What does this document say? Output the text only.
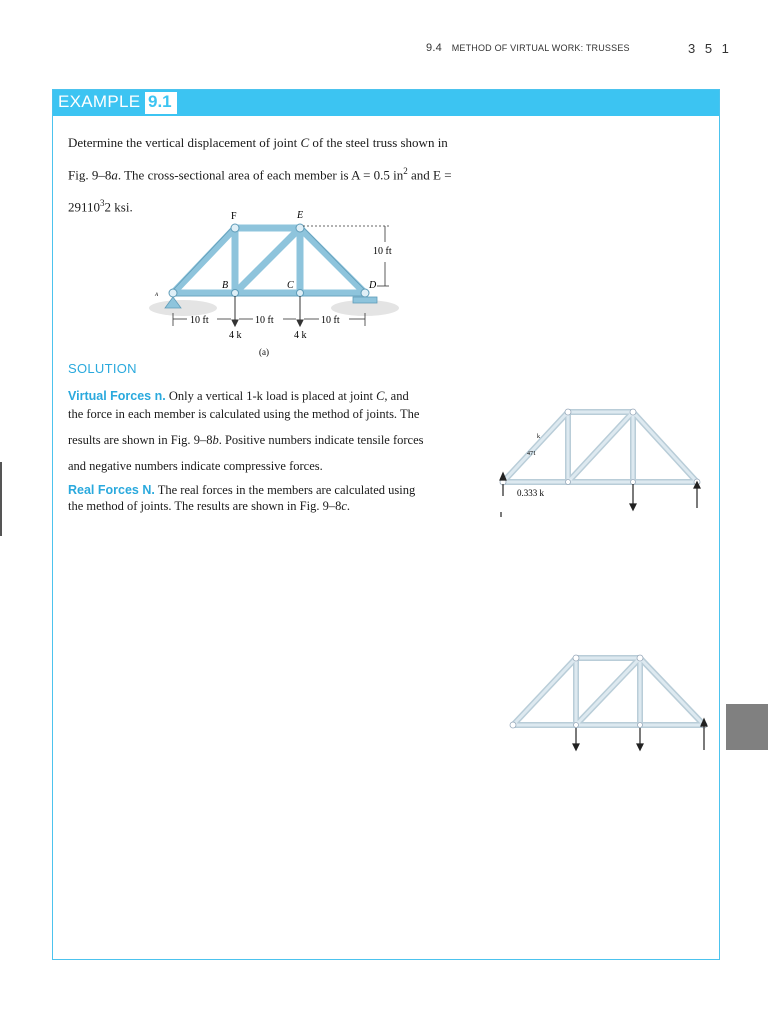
9.4 METHOD OF VIRTUAL WORK: TRUSSES	3 5 1
EXAMPLE 9.1
Determine the vertical displacement of joint C of the steel truss shown in
Fig. 9–8a. The cross-sectional area of each member is A = 0.5 $in^2$ and E =
$29110^32$ ksi.
F	E
B	C	D
A
10 ft
10 ft	10 ft	10 ft
4 k	4 k
(a)
SOLUTION
Virtual Forces n. Only a vertical 1-k load is placed at joint C, and
the force in each member is calculated using the method of joints. The
results are shown in Fig. 9–8b. Positive numbers indicate tensile forces
and negative numbers indicate compressive forces.
Real Forces N. The real forces in the members are calculated using
the method of joints. The results are shown in Fig. 9–8c.
k
471
0.333 k
